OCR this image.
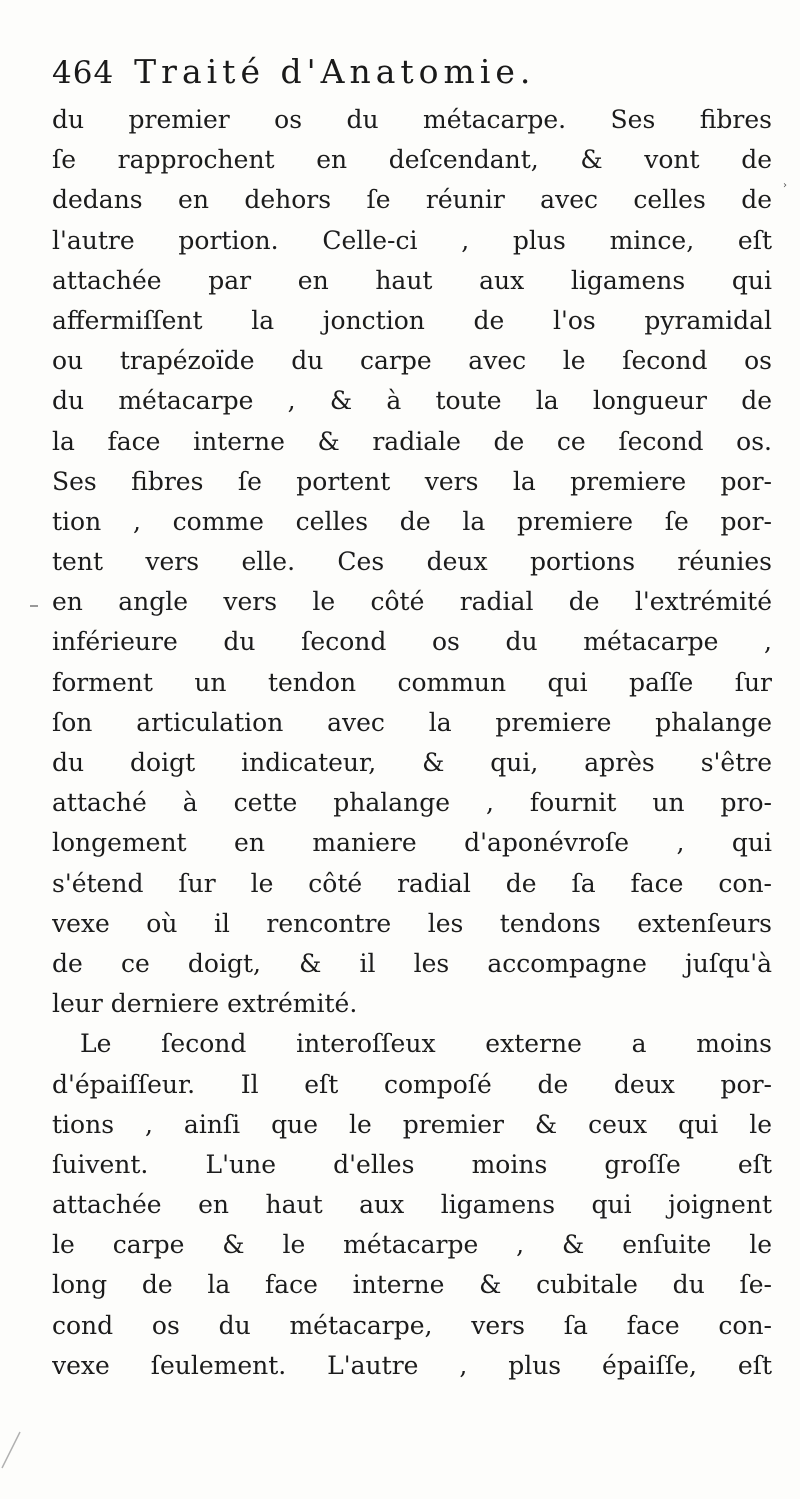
464 Traité d'Anatomie.
›
du premier os du métacarpe. Ses fibres
ſe rapprochent en deſcendant, & vont de
dedans en dehors ſe réunir avec celles de
l'autre portion. Celle-ci , plus mince, eſt
attachée par en haut aux ligamens qui
affermiſſent la jonction de l'os pyramidal
ou trapézoïde du carpe avec le ſecond os
du métacarpe , & à toute la longueur de
la face interne & radiale de ce ſecond os.
Ses fibres ſe portent vers la premiere por-
tion , comme celles de la premiere ſe por-
tent vers elle. Ces deux portions réunies
en angle vers le côté radial de l'extrémité
inférieure du ſecond os du métacarpe ,
forment un tendon commun qui paſſe ſur
ſon articulation avec la premiere phalange
du doigt indicateur, & qui, après s'être
attaché à cette phalange , fournit un pro-
longement en maniere d'aponévroſe , qui
s'étend ſur le côté radial de ſa face con-
vexe où il rencontre les tendons extenſeurs
de ce doigt, & il les accompagne juſqu'à
leur derniere extrémité.
Le ſecond interoſſeux externe a moins
d'épaiſſeur. Il eſt compoſé de deux por-
tions , ainſi que le premier & ceux qui le
ſuivent. L'une d'elles moins groſſe eſt
attachée en haut aux ligamens qui joignent
le carpe & le métacarpe , & enſuite le
long de la face interne & cubitale du ſe-
cond os du métacarpe, vers ſa face con-
vexe ſeulement. L'autre , plus épaiſſe, eſt
